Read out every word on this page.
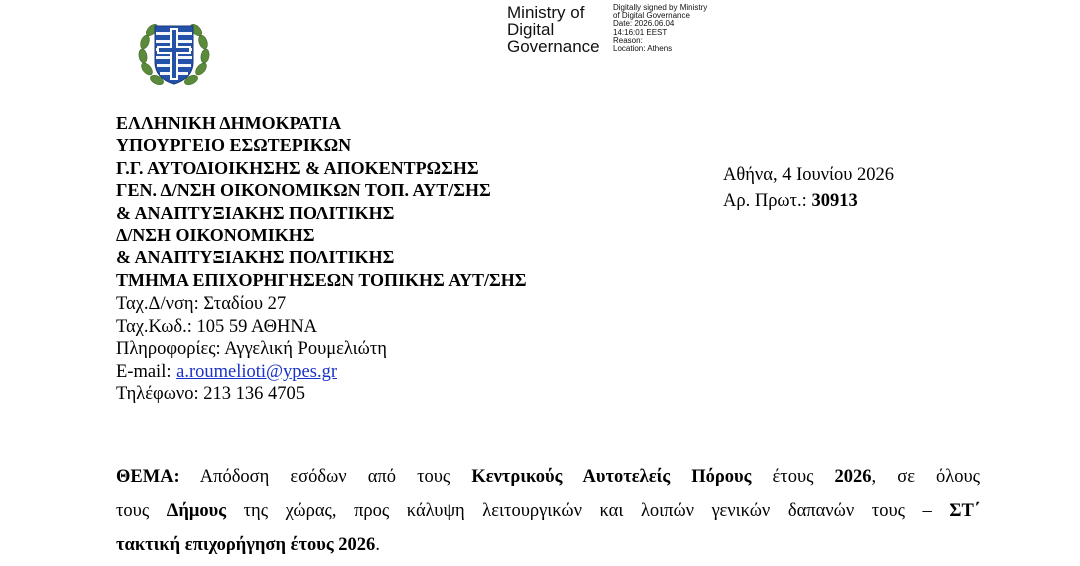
Ministry of
Digital
Governance
Digitally signed by Ministry
of Digital Governance
Date: 2026.06.04
14:16:01 EEST
Reason:
Location: Athens
ΕΛΛΗΝΙΚΗ ΔΗΜΟΚΡΑΤΙΑ
ΥΠΟΥΡΓΕΙΟ ΕΣΩΤΕΡΙΚΩΝ
Γ.Γ. ΑΥΤΟΔΙΟΙΚΗΣΗΣ & ΑΠΟΚΕΝΤΡΩΣΗΣ
ΓΕΝ. Δ/ΝΣΗ ΟΙΚΟΝΟΜΙΚΩΝ ΤΟΠ. ΑΥΤ/ΣΗΣ
& ΑΝΑΠΤΥΞΙΑΚΗΣ ΠΟΛΙΤΙΚΗΣ
Δ/ΝΣΗ ΟΙΚΟΝΟΜΙΚΗΣ
& ΑΝΑΠΤΥΞΙΑΚΗΣ ΠΟΛΙΤΙΚΗΣ
ΤΜΗΜΑ ΕΠΙΧΟΡΗΓΗΣΕΩΝ ΤΟΠΙΚΗΣ ΑΥΤ/ΣΗΣ
Ταχ.Δ/νση: Σταδίου 27
Ταχ.Κωδ.: 105 59 ΑΘΗΝΑ
Πληροφορίες: Αγγελική Ρουμελιώτη
E-mail: a.roumelioti@ypes.gr
Τηλέφωνο: 213 136 4705
Αθήνα, 4 Ιουνίου 2026
Αρ. Πρωτ.: 30913
ΘΕΜΑ: Απόδοση εσόδων από τους Κεντρικούς Αυτοτελείς Πόρους έτους 2026, σε όλους
τους Δήμους της χώρας, προς κάλυψη λειτουργικών και λοιπών γενικών δαπανών τους – ΣΤ΄
τακτική επιχορήγηση έτους 2026.
